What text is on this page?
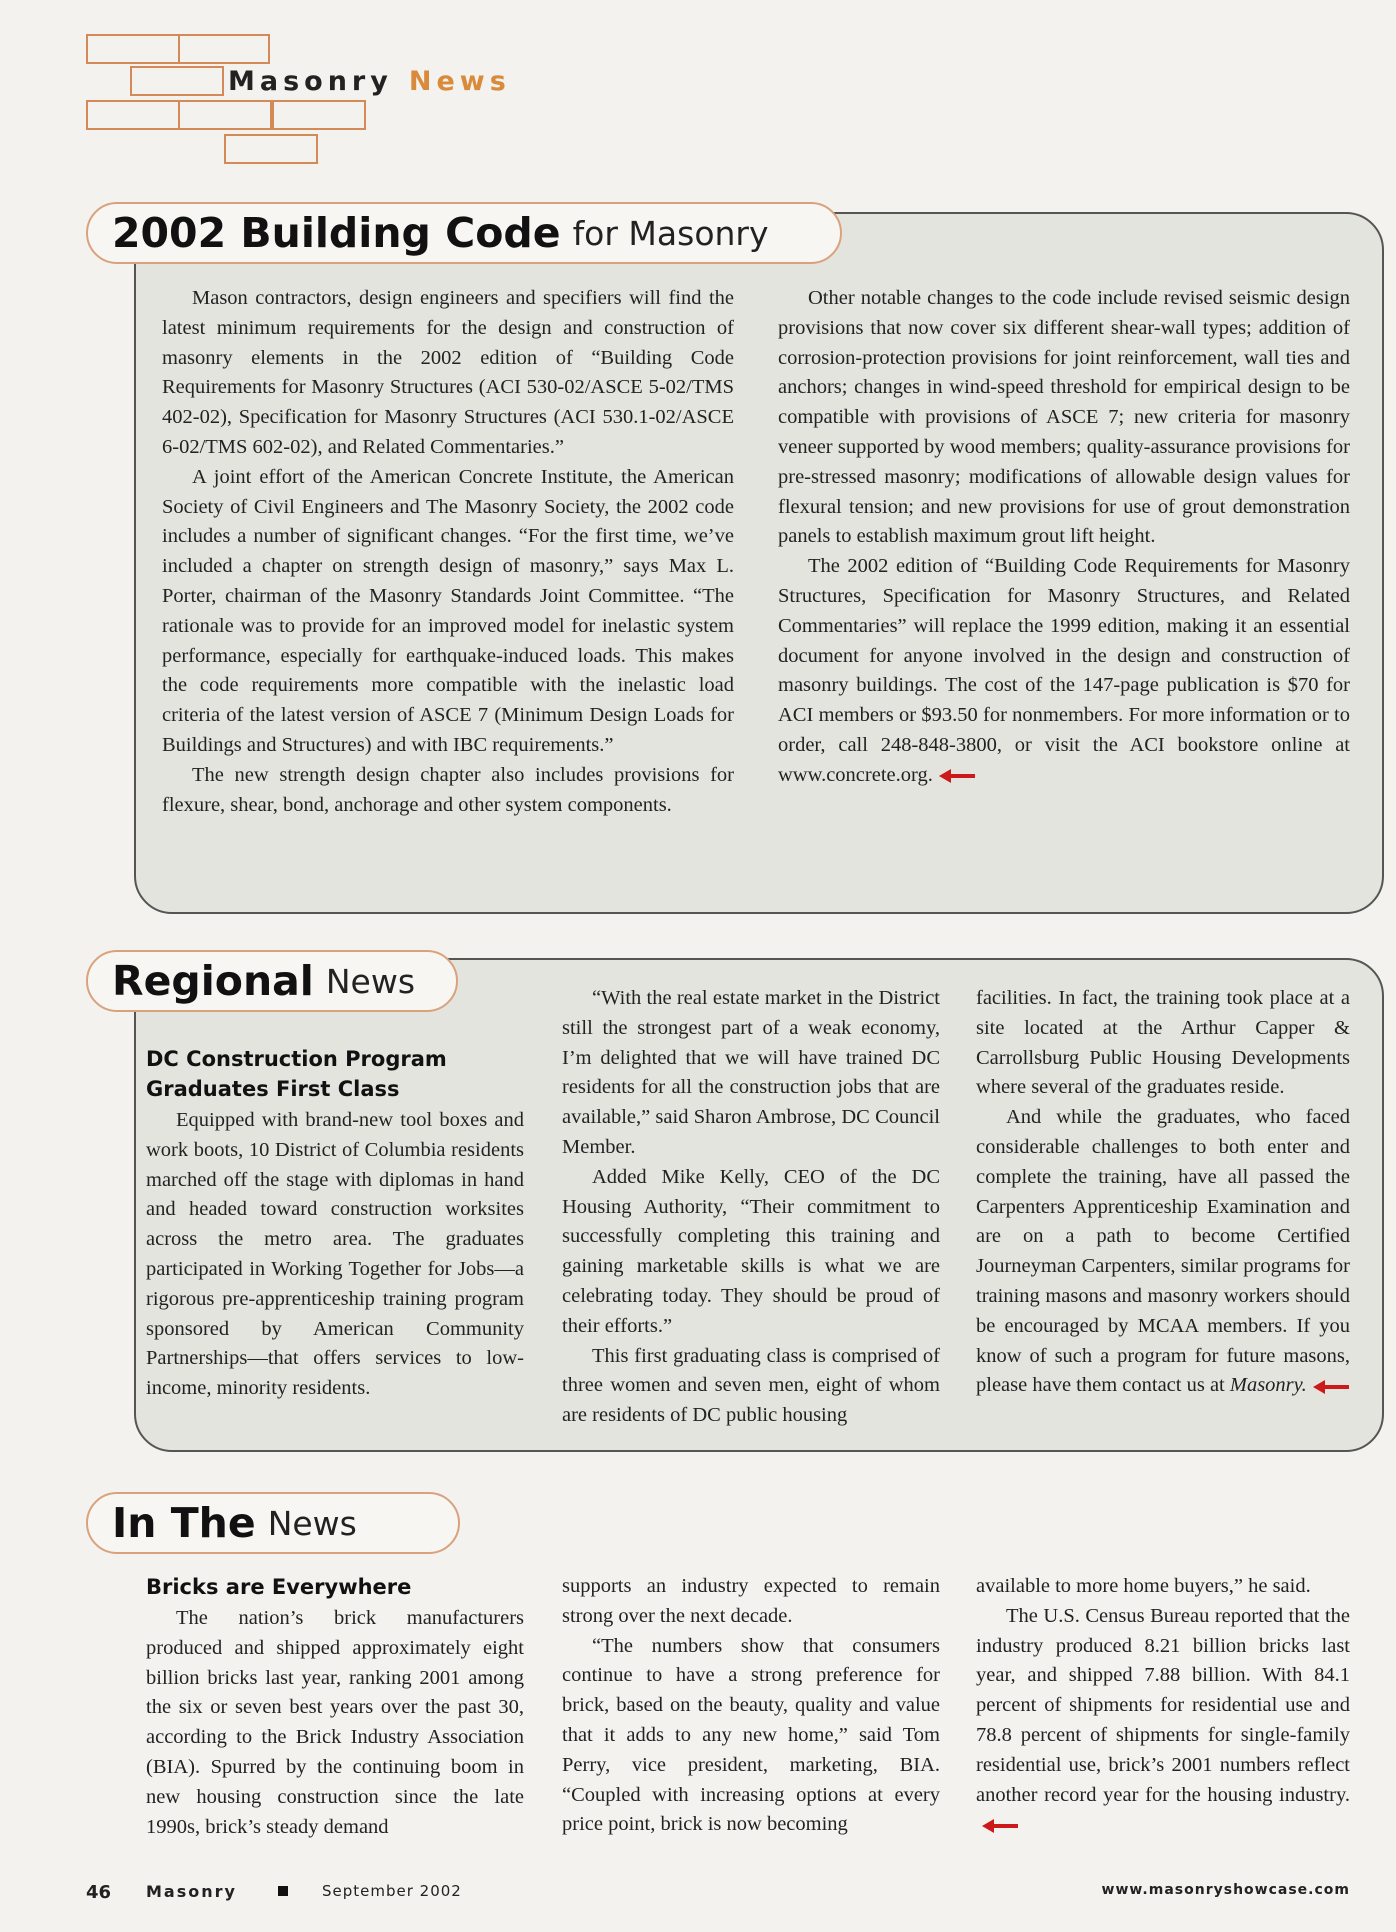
Masonry News
2002 Building Code for Masonry

Mason contractors, design engineers and specifiers will find the latest minimum requirements for the design and construction of masonry elements in the 2002 edition of “Building Code Requirements for Masonry Structures (ACI 530-02/ASCE 5-02/TMS 402-02), Specification for Masonry Structures (ACI 530.1-02/ASCE 6-02/TMS 602-02), and Related Commentaries.”

A joint effort of the American Concrete Institute, the American Society of Civil Engineers and The Masonry Society, the 2002 code includes a number of significant changes. “For the first time, we’ve included a chapter on strength design of masonry,” says Max L. Porter, chairman of the Masonry Standards Joint Committee. “The rationale was to provide for an improved model for inelastic system performance, especially for earthquake-induced loads. This makes the code requirements more compatible with the inelastic load criteria of the latest version of ASCE 7 (Minimum Design Loads for Buildings and Structures) and with IBC requirements.”

The new strength design chapter also includes provisions for flexure, shear, bond, anchorage and other system components.

Other notable changes to the code include revised seismic design provisions that now cover six different shear-wall types; addition of corrosion-protection provisions for joint reinforcement, wall ties and anchors; changes in wind-speed threshold for empirical design to be compatible with provisions of ASCE 7; new criteria for masonry veneer supported by wood members; quality-assurance provisions for pre-stressed masonry; modifications of allowable design values for flexural tension; and new provisions for use of grout demonstration panels to establish maximum grout lift height.

The 2002 edition of “Building Code Requirements for Masonry Structures, Specification for Masonry Structures, and Related Commentaries” will replace the 1999 edition, making it an essential document for anyone involved in the design and construction of masonry buildings. The cost of the 147-page publication is $70 for ACI members or $93.50 for nonmembers. For more information or to order, call 248-848-3800, or visit the ACI bookstore online at www.concrete.org.

Regional News
DC Construction Program
Graduates First Class

Equipped with brand-new tool boxes and work boots, 10 District of Columbia residents marched off the stage with diplomas in hand and headed toward construction worksites across the metro area. The graduates participated in Working Together for Jobs—a rigorous pre-apprenticeship training program sponsored by American Community Partnerships—that offers services to low-income, minority residents.

“With the real estate market in the District still the strongest part of a weak economy, I’m delighted that we will have trained DC residents for all the construction jobs that are available,” said Sharon Ambrose, DC Council Member.

Added Mike Kelly, CEO of the DC Housing Authority, “Their commitment to successfully completing this training and gaining marketable skills is what we are celebrating today. They should be proud of their efforts.”

This first graduating class is comprised of three women and seven men, eight of whom are residents of DC public housing

facilities. In fact, the training took place at a site located at the Arthur Capper & Carrollsburg Public Housing Developments where several of the graduates reside.

And while the graduates, who faced considerable challenges to both enter and complete the training, have all passed the Carpenters Apprenticeship Examination and are on a path to become Certified Journeyman Carpenters, similar programs for training masons and masonry workers should be encouraged by MCAA members. If you know of such a program for future masons, please have them contact us at Masonry.

In The News
Bricks are Everywhere

The nation’s brick manufacturers produced and shipped approximately eight billion bricks last year, ranking 2001 among the six or seven best years over the past 30, according to the Brick Industry Association (BIA). Spurred by the continuing boom in new housing construction since the late 1990s, brick’s steady demand

supports an industry expected to remain strong over the next decade.

“The numbers show that consumers continue to have a strong preference for brick, based on the beauty, quality and value that it adds to any new home,” said Tom Perry, vice president, marketing, BIA. “Coupled with increasing options at every price point, brick is now becoming

available to more home buyers,” he said.

The U.S. Census Bureau reported that the industry produced 8.21 billion bricks last year, and shipped 7.88 billion. With 84.1 percent of shipments for residential use and 78.8 percent of shipments for single-family residential use, brick’s 2001 numbers reflect another record year for the housing industry.

46 Masonry	September 2002	www.masonryshowcase.com
